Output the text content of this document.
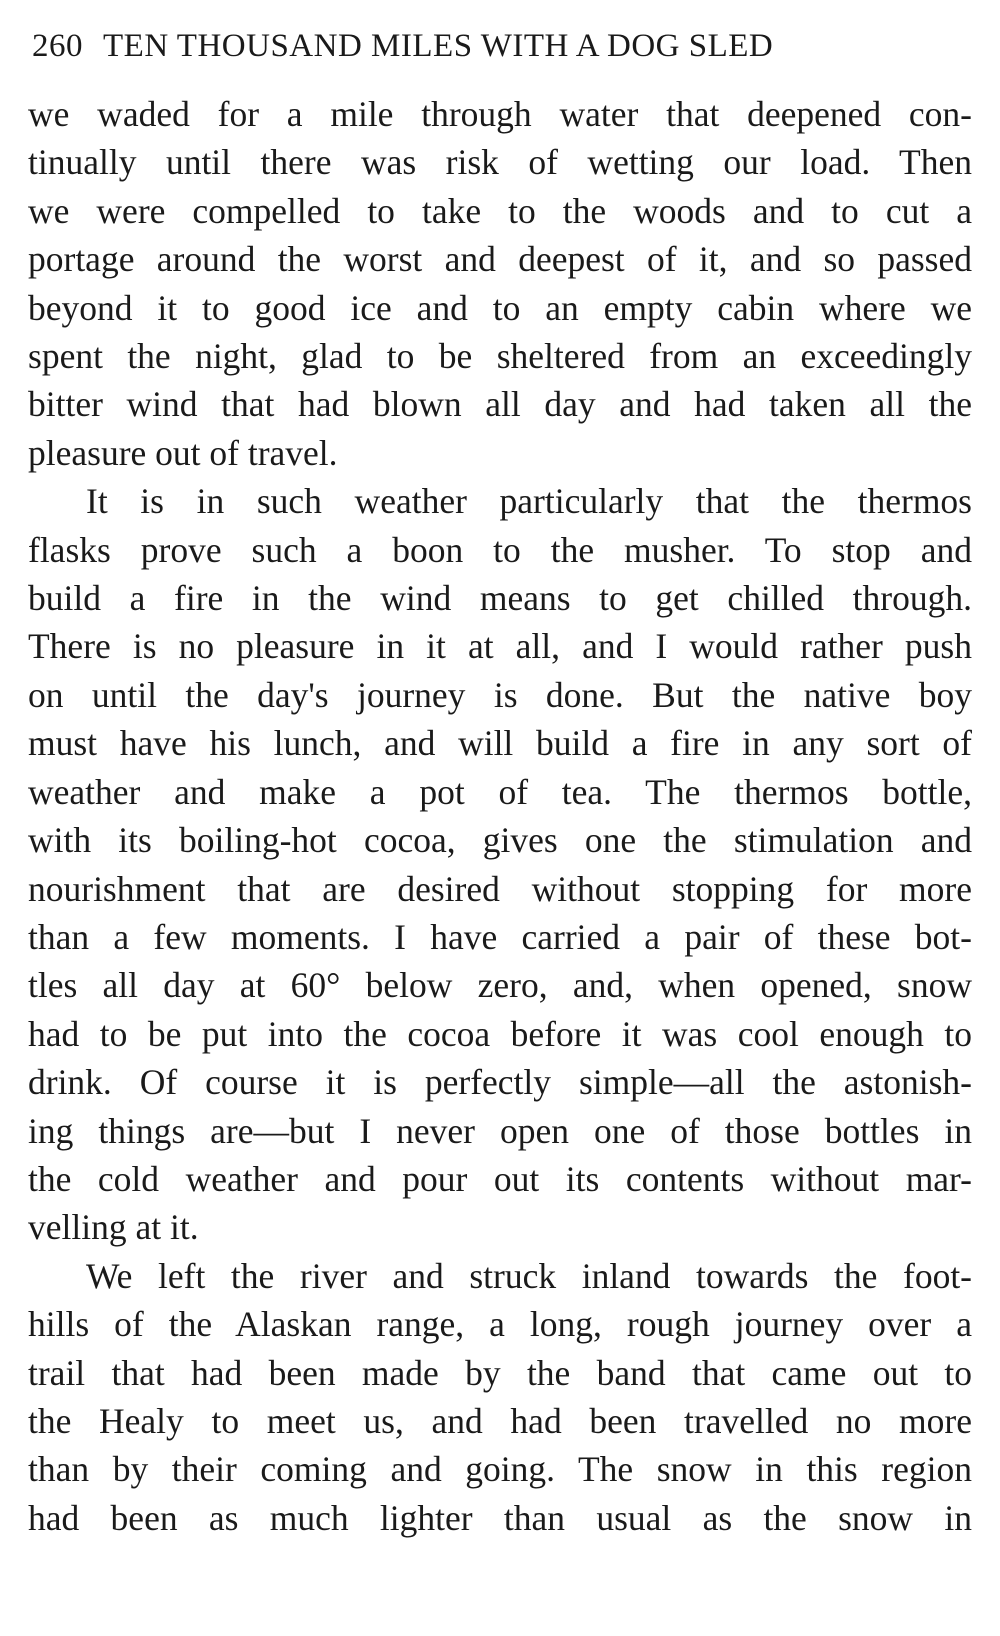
260 TEN THOUSAND MILES WITH A DOG SLED

we waded for a mile through water that deepened con-
tinually until there was risk of wetting our load. Then
we were compelled to take to the woods and to cut a
portage around the worst and deepest of it, and so passed
beyond it to good ice and to an empty cabin where we
spent the night, glad to be sheltered from an exceedingly
bitter wind that had blown all day and had taken all the
pleasure out of travel.

It is in such weather particularly that the thermos
flasks prove such a boon to the musher. To stop and
build a fire in the wind means to get chilled through.
There is no pleasure in it at all, and I would rather push
on until the day's journey is done. But the native boy
must have his lunch, and will build a fire in any sort of
weather and make a pot of tea. The thermos bottle,
with its boiling-hot cocoa, gives one the stimulation and
nourishment that are desired without stopping for more
than a few moments. I have carried a pair of these bot-
tles all day at 60° below zero, and, when opened, snow
had to be put into the cocoa before it was cool enough to
drink. Of course it is perfectly simple—all the astonish-
ing things are—but I never open one of those bottles in
the cold weather and pour out its contents without mar-
velling at it.

We left the river and struck inland towards the foot-
hills of the Alaskan range, a long, rough journey over a
trail that had been made by the band that came out to
the Healy to meet us, and had been travelled no more
than by their coming and going. The snow in this region
had been as much lighter than usual as the snow in
